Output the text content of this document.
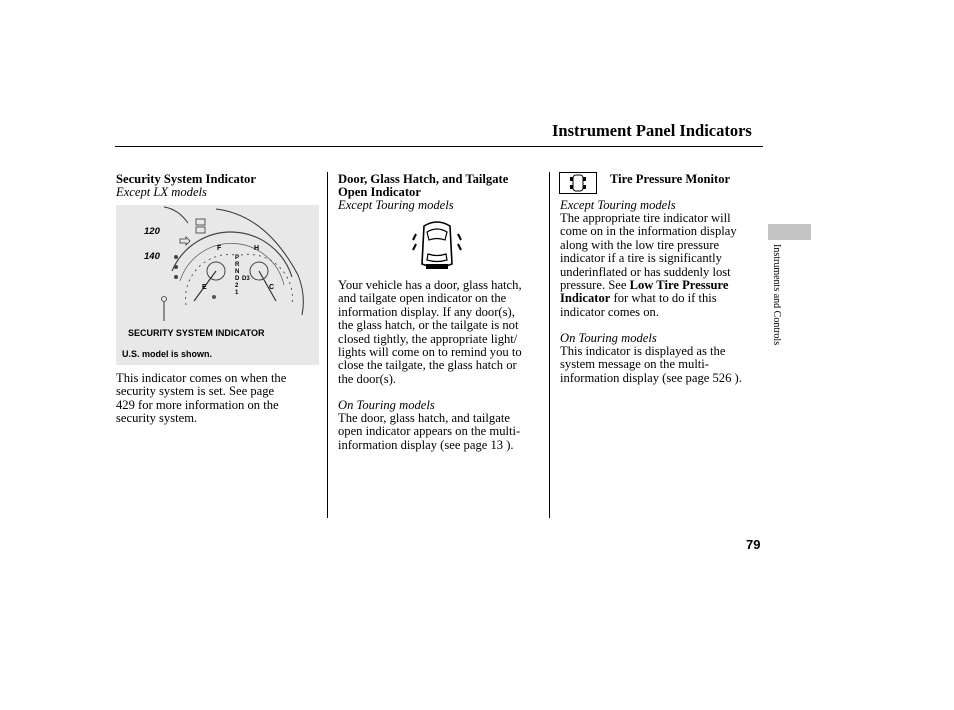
Instrument Panel Indicators
Security System Indicator
Except LX models
120
140
F
E
H
C
P
R
N
D D3
2
1
SECURITY SYSTEM INDICATOR
U.S. model is shown.
This indicator comes on when the
security system is set. See page
429 for more information on the
security system.
Door, Glass Hatch, and Tailgate
Open Indicator
Except Touring models
Your vehicle has a door, glass hatch,
and tailgate open indicator on the
information display. If any door(s),
the glass hatch, or the tailgate is not
closed tightly, the appropriate light/
lights will come on to remind you to
close the tailgate, the glass hatch or
the door(s).
On Touring models
The door, glass hatch, and tailgate
open indicator appears on the multi-
information display (see page 13 ).
Tire Pressure Monitor
Except Touring models
The appropriate tire indicator will
come on in the information display
along with the low tire pressure
indicator if a tire is significantly
underinflated or has suddenly lost
pressure. See Low Tire Pressure
Indicator for what to do if this
indicator comes on.
On Touring models
This indicator is displayed as the
system message on the multi-
information display (see page 526 ).
Instruments and Controls
79
